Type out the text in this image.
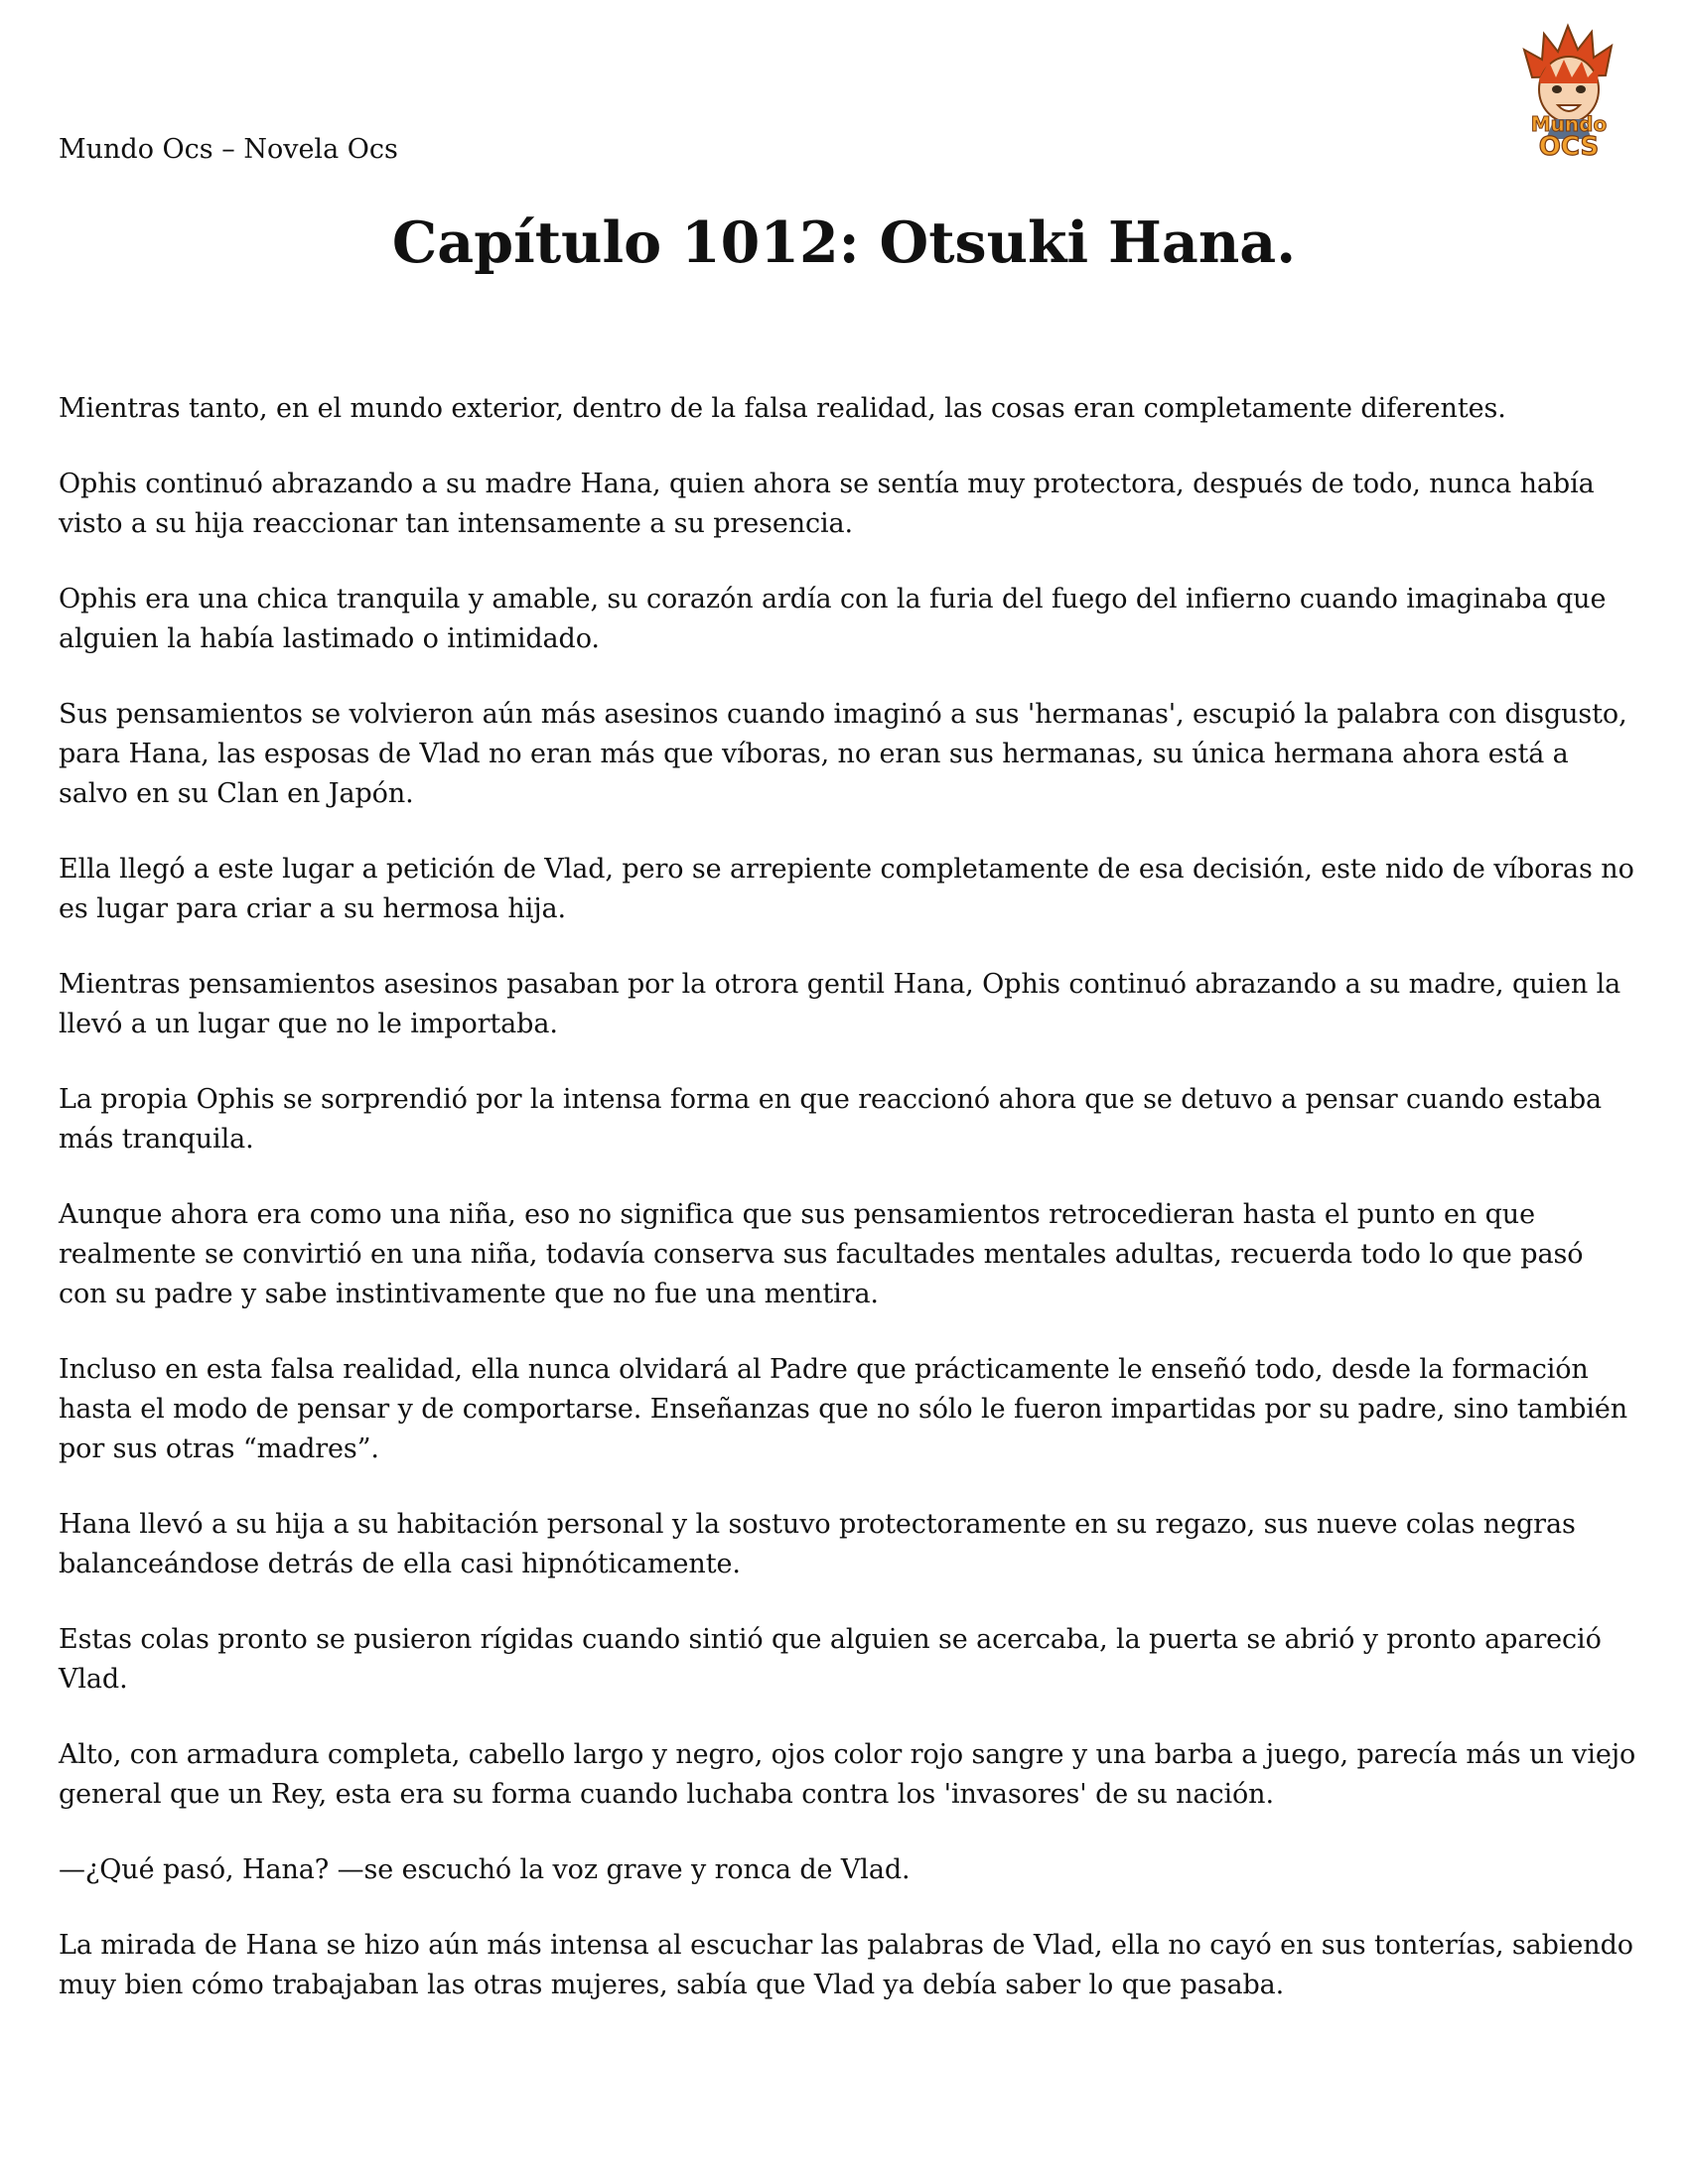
Mundo Ocs – Novela Ocs
Mundo
OCS
Capítulo 1012: Otsuki Hana.

Mientras tanto, en el mundo exterior, dentro de la falsa realidad, las cosas eran completamente diferentes.

Ophis continuó abrazando a su madre Hana, quien ahora se sentía muy protectora, después de todo, nunca había visto a su hija reaccionar tan intensamente a su presencia.

Ophis era una chica tranquila y amable, su corazón ardía con la furia del fuego del infierno cuando imaginaba que alguien la había lastimado o intimidado.

Sus pensamientos se volvieron aún más asesinos cuando imaginó a sus 'hermanas', escupió la palabra con disgusto, para Hana, las esposas de Vlad no eran más que víboras, no eran sus hermanas, su única hermana ahora está a salvo en su Clan en Japón.

Ella llegó a este lugar a petición de Vlad, pero se arrepiente completamente de esa decisión, este nido de víboras no es lugar para criar a su hermosa hija.

Mientras pensamientos asesinos pasaban por la otrora gentil Hana, Ophis continuó abrazando a su madre, quien la llevó a un lugar que no le importaba.

La propia Ophis se sorprendió por la intensa forma en que reaccionó ahora que se detuvo a pensar cuando estaba más tranquila.

Aunque ahora era como una niña, eso no significa que sus pensamientos retrocedieran hasta el punto en que realmente se convirtió en una niña, todavía conserva sus facultades mentales adultas, recuerda todo lo que pasó con su padre y sabe instintivamente que no fue una mentira.

Incluso en esta falsa realidad, ella nunca olvidará al Padre que prácticamente le enseñó todo, desde la formación hasta el modo de pensar y de comportarse. Enseñanzas que no sólo le fueron impartidas por su padre, sino también por sus otras “madres”.

Hana llevó a su hija a su habitación personal y la sostuvo protectoramente en su regazo, sus nueve colas negras balanceándose detrás de ella casi hipnóticamente.

Estas colas pronto se pusieron rígidas cuando sintió que alguien se acercaba, la puerta se abrió y pronto apareció Vlad.

Alto, con armadura completa, cabello largo y negro, ojos color rojo sangre y una barba a juego, parecía más un viejo general que un Rey, esta era su forma cuando luchaba contra los 'invasores' de su nación.

—¿Qué pasó, Hana? —se escuchó la voz grave y ronca de Vlad.

La mirada de Hana se hizo aún más intensa al escuchar las palabras de Vlad, ella no cayó en sus tonterías, sabiendo muy bien cómo trabajaban las otras mujeres, sabía que Vlad ya debía saber lo que pasaba.
